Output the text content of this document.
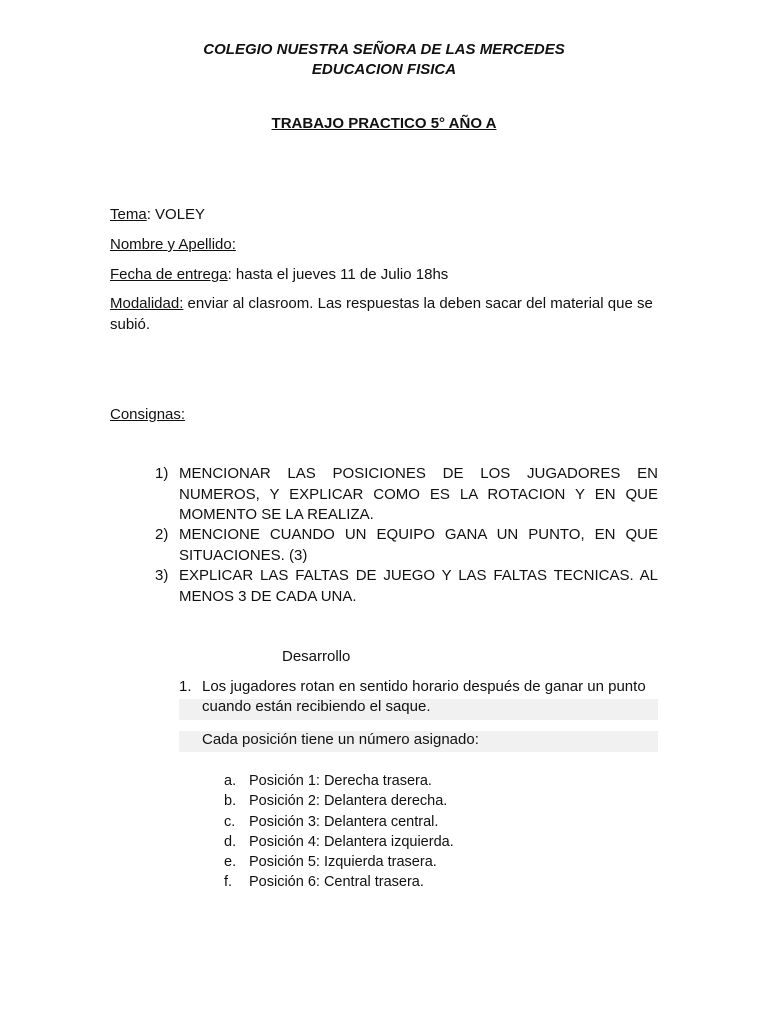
COLEGIO NUESTRA SEÑORA DE LAS MERCEDES
EDUCACION FISICA
TRABAJO PRACTICO 5° AÑO A
Tema: VOLEY
Nombre y Apellido:
Fecha de entrega: hasta el jueves 11 de Julio 18hs
Modalidad: enviar al clasroom. Las respuestas la deben sacar del material que se subió.
Consignas:
1) MENCIONAR LAS POSICIONES DE LOS JUGADORES EN NUMEROS, Y EXPLICAR COMO ES LA ROTACION Y EN QUE MOMENTO SE LA REALIZA.
2) MENCIONE CUANDO UN EQUIPO GANA UN PUNTO, EN QUE SITUACIONES. (3)
3) EXPLICAR LAS FALTAS DE JUEGO Y LAS FALTAS TECNICAS. AL MENOS 3 DE CADA UNA.
Desarrollo
1. Los jugadores rotan en sentido horario después de ganar un punto cuando están recibiendo el saque.
Cada posición tiene un número asignado:
a. Posición 1: Derecha trasera.
b. Posición 2: Delantera derecha.
c. Posición 3: Delantera central.
d. Posición 4: Delantera izquierda.
e. Posición 5: Izquierda trasera.
f. Posición 6: Central trasera.
